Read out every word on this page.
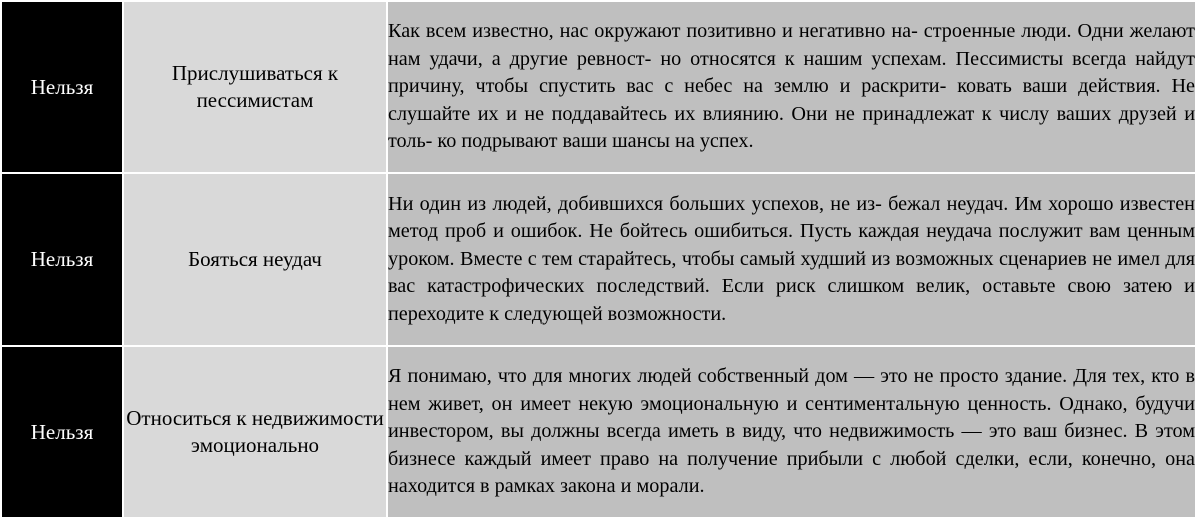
Нельзя	Прислушиваться к пессимистам	Как всем известно, нас окружают позитивно и негативно на- строенные люди. Одни желают нам удачи, а другие ревност- но относятся к нашим успехам. Пессимисты всегда найдут причину, чтобы спустить вас с небес на землю и раскрити- ковать ваши действия. Не слушайте их и не поддавайтесь их влиянию. Они не принадлежат к числу ваших друзей и толь- ко подрывают ваши шансы на успех.
Нельзя	Бояться неудач	Ни один из людей, добившихся больших успехов, не из- бежал неудач. Им хорошо известен метод проб и ошибок. Не бойтесь ошибиться. Пусть каждая неудача послужит вам ценным уроком. Вместе с тем старайтесь, чтобы самый худший из возможных сценариев не имел для вас катастрофических последствий. Если риск слишком велик, оставьте свою затею и переходите к следующей возможности.
Нельзя	Относиться к недвижимости эмоционально	Я понимаю, что для многих людей собственный дом — это не просто здание. Для тех, кто в нем живет, он имеет некую эмоциональную и сентиментальную ценность. Однако, будучи инвестором, вы должны всегда иметь в виду, что недвижимость — это ваш бизнес. В этом бизнесе каждый имеет право на получение прибыли с любой сделки, если, конечно, она находится в рамках закона и морали.
